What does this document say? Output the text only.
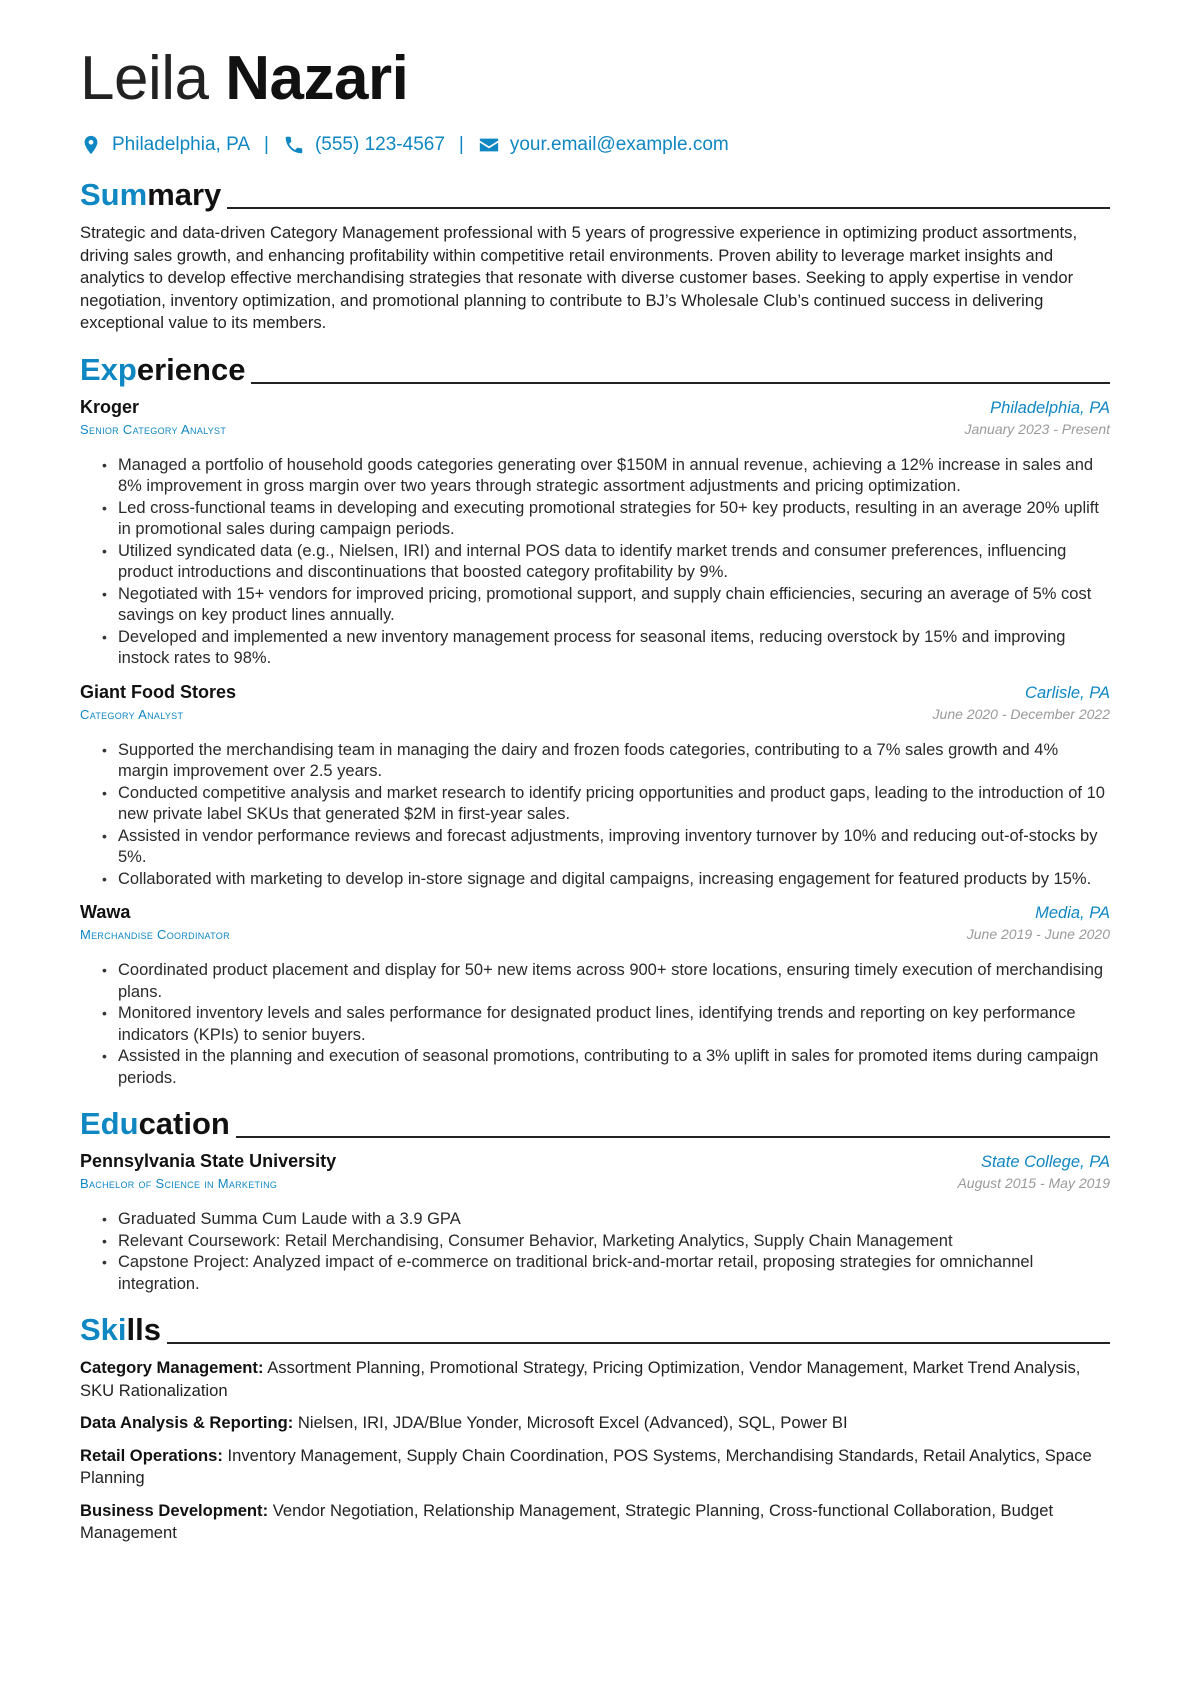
Leila Nazari
Philadelphia, PA | (555) 123-4567 | your.email@example.com
Summary

Strategic and data-driven Category Management professional with 5 years of progressive experience in optimizing product assortments, driving sales growth, and enhancing profitability within competitive retail environments. Proven ability to leverage market insights and analytics to develop effective merchandising strategies that resonate with diverse customer bases. Seeking to apply expertise in vendor negotiation, inventory optimization, and promotional planning to contribute to BJ’s Wholesale Club’s continued success in delivering exceptional value to its members.

Experience
Kroger	Philadelphia, PA
Senior Category Analyst	January 2023 - Present
• Managed a portfolio of household goods categories generating over $150M in annual revenue, achieving a 12% increase in sales and 8% improvement in gross margin over two years through strategic assortment adjustments and pricing optimization.
• Led cross-functional teams in developing and executing promotional strategies for 50+ key products, resulting in an average 20% uplift in promotional sales during campaign periods.
• Utilized syndicated data (e.g., Nielsen, IRI) and internal POS data to identify market trends and consumer preferences, influencing product introductions and discontinuations that boosted category profitability by 9%.
• Negotiated with 15+ vendors for improved pricing, promotional support, and supply chain efficiencies, securing an average of 5% cost savings on key product lines annually.
• Developed and implemented a new inventory management process for seasonal items, reducing overstock by 15% and improving instock rates to 98%.
Giant Food Stores	Carlisle, PA
Category Analyst	June 2020 - December 2022
• Supported the merchandising team in managing the dairy and frozen foods categories, contributing to a 7% sales growth and 4% margin improvement over 2.5 years.
• Conducted competitive analysis and market research to identify pricing opportunities and product gaps, leading to the introduction of 10 new private label SKUs that generated $2M in first-year sales.
• Assisted in vendor performance reviews and forecast adjustments, improving inventory turnover by 10% and reducing out-of-stocks by 5%.
• Collaborated with marketing to develop in-store signage and digital campaigns, increasing engagement for featured products by 15%.
Wawa	Media, PA
Merchandise Coordinator	June 2019 - June 2020
• Coordinated product placement and display for 50+ new items across 900+ store locations, ensuring timely execution of merchandising plans.
• Monitored inventory levels and sales performance for designated product lines, identifying trends and reporting on key performance indicators (KPIs) to senior buyers.
• Assisted in the planning and execution of seasonal promotions, contributing to a 3% uplift in sales for promoted items during campaign periods.
Education
Pennsylvania State University	State College, PA
Bachelor of Science in Marketing	August 2015 - May 2019
• Graduated Summa Cum Laude with a 3.9 GPA
• Relevant Coursework: Retail Merchandising, Consumer Behavior, Marketing Analytics, Supply Chain Management
• Capstone Project: Analyzed impact of e-commerce on traditional brick-and-mortar retail, proposing strategies for omnichannel integration.
Skills

Category Management: Assortment Planning, Promotional Strategy, Pricing Optimization, Vendor Management, Market Trend Analysis, SKU Rationalization

Data Analysis & Reporting: Nielsen, IRI, JDA/Blue Yonder, Microsoft Excel (Advanced), SQL, Power BI

Retail Operations: Inventory Management, Supply Chain Coordination, POS Systems, Merchandising Standards, Retail Analytics, Space Planning

Business Development: Vendor Negotiation, Relationship Management, Strategic Planning, Cross-functional Collaboration, Budget Management
